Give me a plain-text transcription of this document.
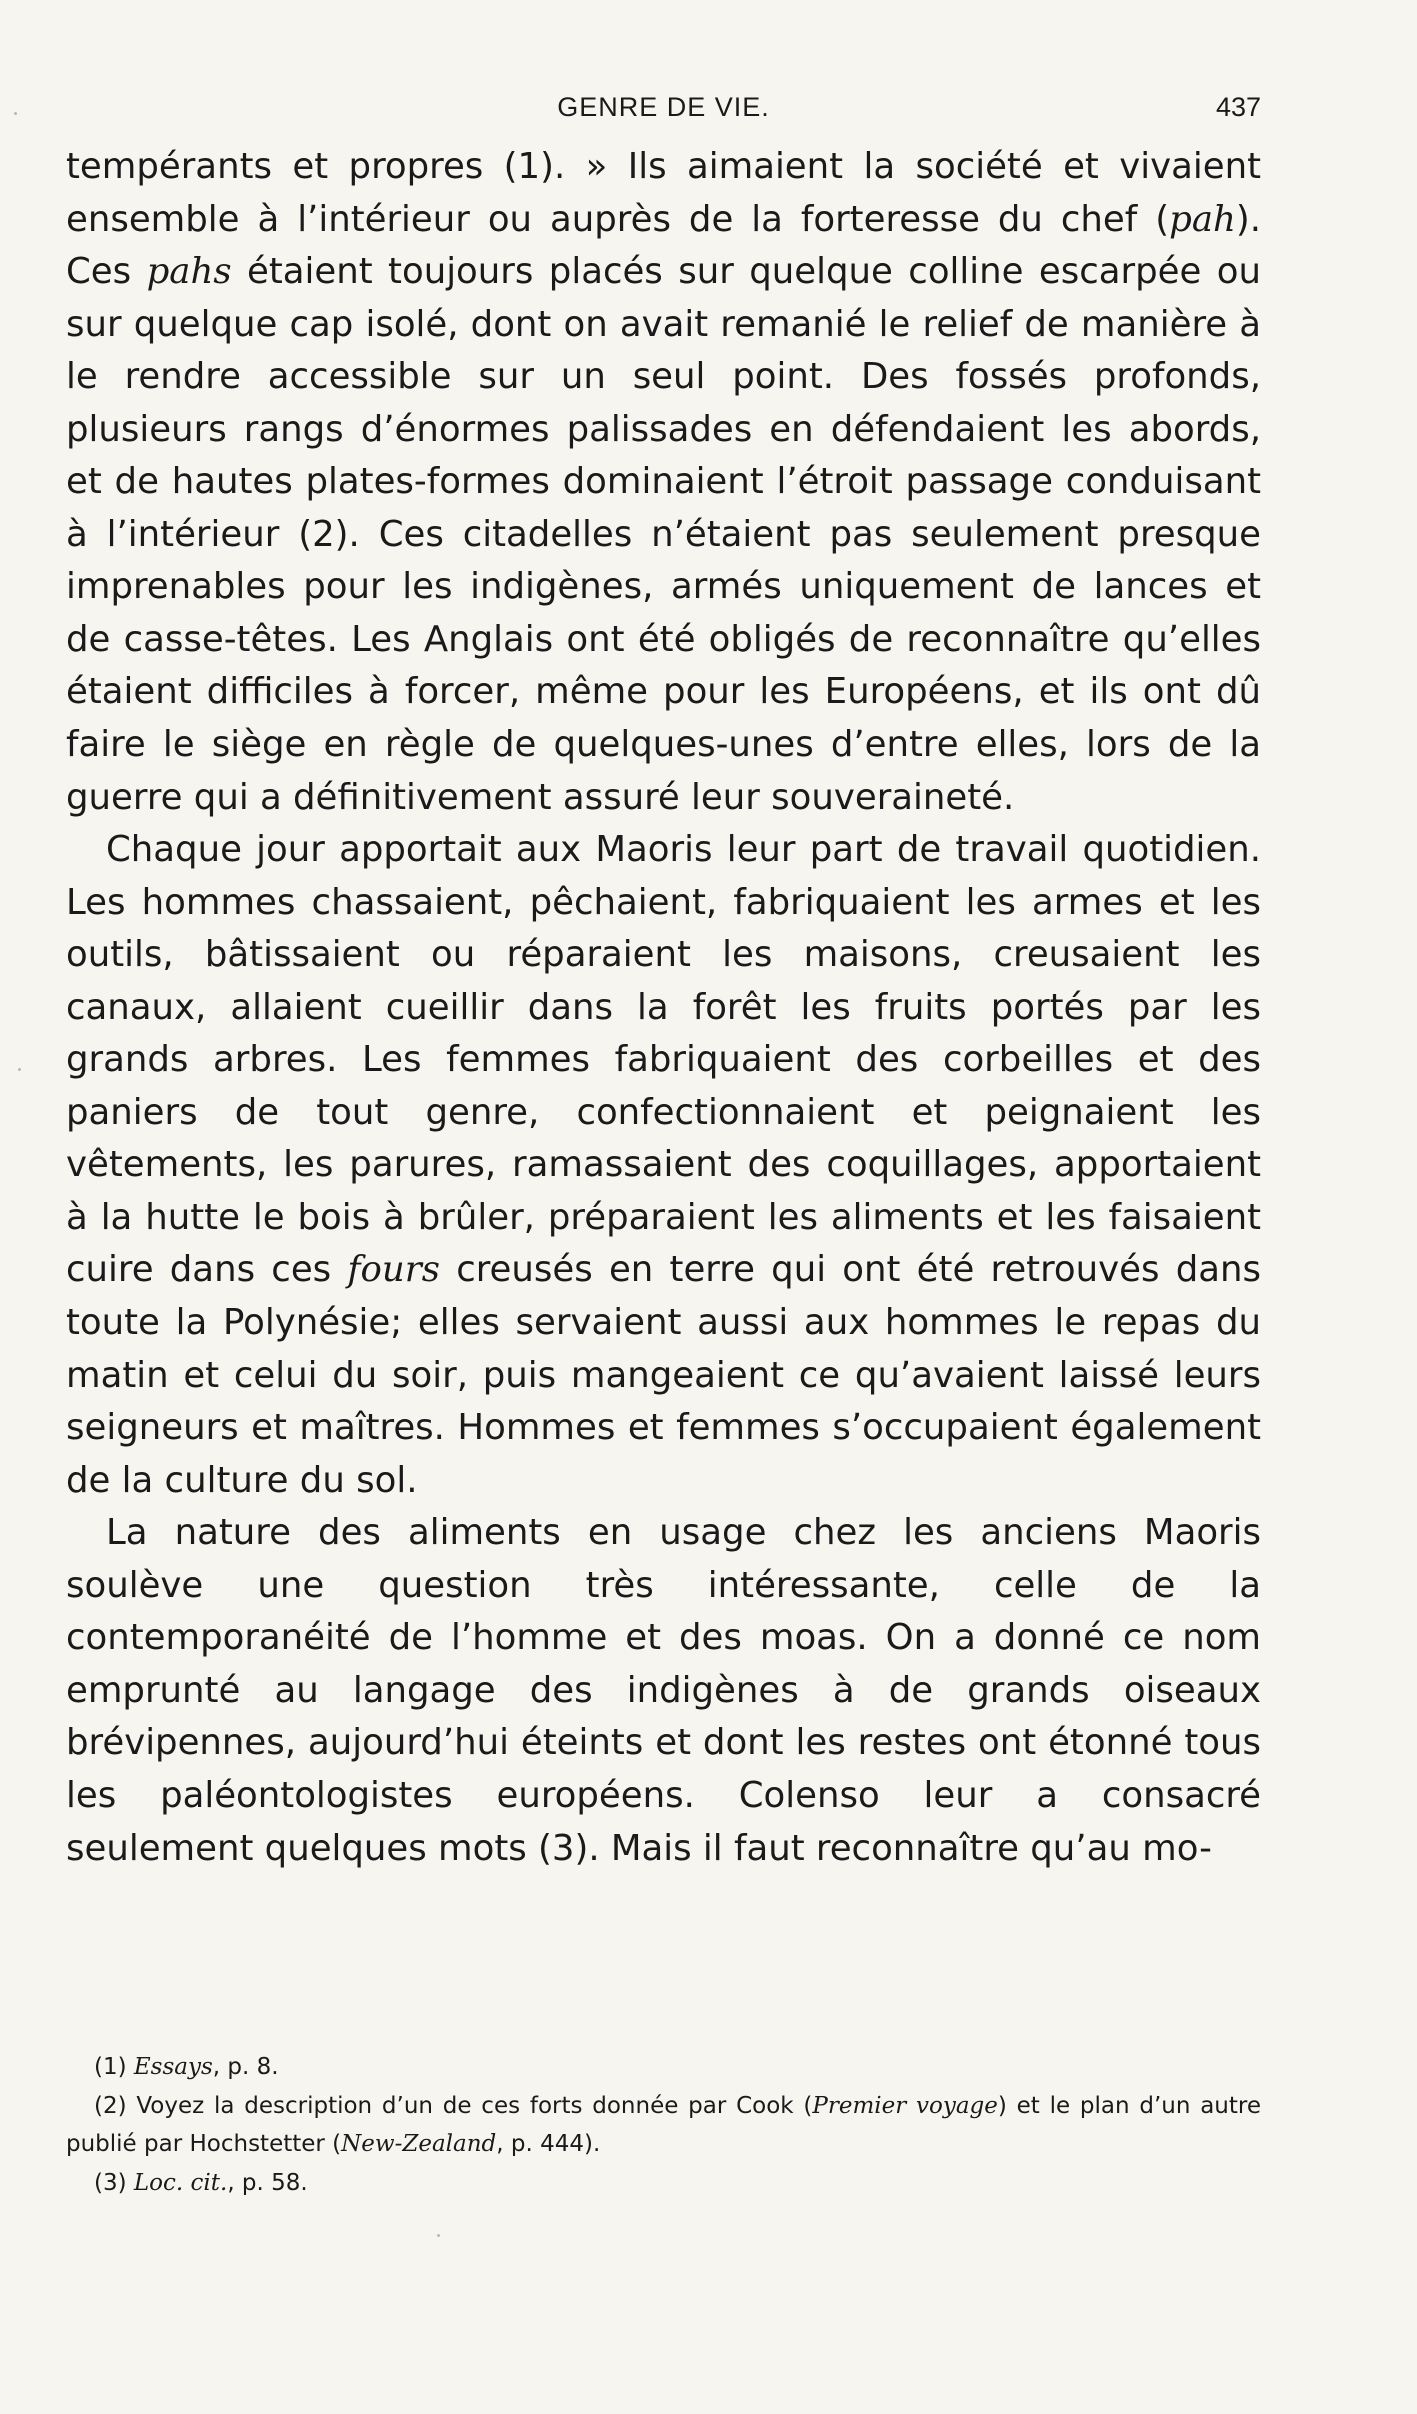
GENRE DE VIE.	437

tempérants et propres (1). » Ils aimaient la société et vivaient ensemble à l’intérieur ou auprès de la forteresse du chef (pah). Ces pahs étaient toujours placés sur quelque colline escarpée ou sur quelque cap isolé, dont on avait remanié le relief de manière à le rendre accessible sur un seul point. Des fossés profonds, plusieurs rangs d’énormes palissades en défendaient les abords, et de hautes plates-formes dominaient l’étroit passage conduisant à l’intérieur (2). Ces citadelles n’étaient pas seulement presque imprenables pour les indigènes, armés uniquement de lances et de casse-têtes. Les Anglais ont été obligés de reconnaître qu’elles étaient difficiles à forcer, même pour les Européens, et ils ont dû faire le siège en règle de quelques-unes d’entre elles, lors de la guerre qui a définitivement assuré leur souveraineté.

Chaque jour apportait aux Maoris leur part de travail quotidien. Les hommes chassaient, pêchaient, fabriquaient les armes et les outils, bâtissaient ou réparaient les maisons, creusaient les canaux, allaient cueillir dans la forêt les fruits portés par les grands arbres. Les femmes fabriquaient des corbeilles et des paniers de tout genre, confectionnaient et peignaient les vêtements, les parures, ramassaient des coquillages, apportaient à la hutte le bois à brûler, préparaient les aliments et les faisaient cuire dans ces fours creusés en terre qui ont été retrouvés dans toute la Polynésie; elles servaient aussi aux hommes le repas du matin et celui du soir, puis mangeaient ce qu’avaient laissé leurs seigneurs et maîtres. Hommes et femmes s’occupaient également de la culture du sol.

La nature des aliments en usage chez les anciens Maoris soulève une question très intéressante, celle de la contemporanéité de l’homme et des moas. On a donné ce nom emprunté au langage des indigènes à de grands oiseaux brévipennes, aujourd’hui éteints et dont les restes ont étonné tous les paléontologistes européens. Colenso leur a consacré seulement quelques mots (3). Mais il faut reconnaître qu’au mo-

(1) Essays, p. 8.

(2) Voyez la description d’un de ces forts donnée par Cook (Premier voyage) et le plan d’un autre publié par Hochstetter (New-Zealand, p. 444).

(3) Loc. cit., p. 58.
